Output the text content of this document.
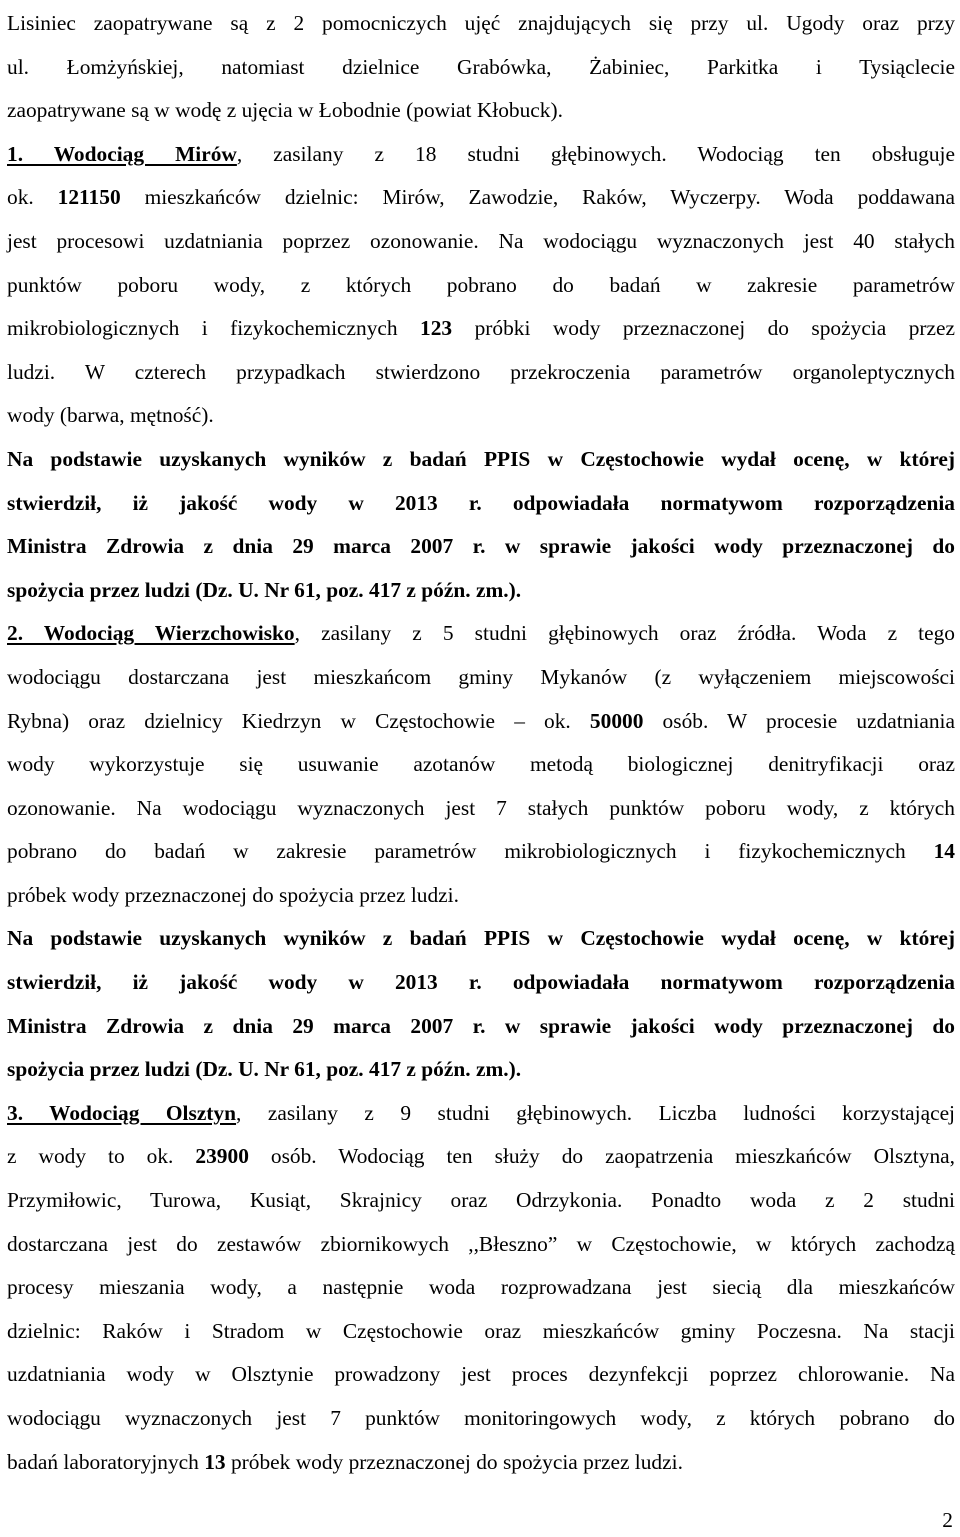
Lisiniec zaopatrywane są z 2 pomocniczych ujęć znajdujących się przy ul. Ugody oraz przy
ul. Łomżyńskiej, natomiast dzielnice Grabówka, Żabiniec, Parkitka i Tysiąclecie
zaopatrywane są w wodę z ujęcia w Łobodnie (powiat Kłobuck).
1. Wodociąg Mirów, zasilany z 18 studni głębinowych. Wodociąg ten obsługuje
ok. 121150 mieszkańców dzielnic: Mirów, Zawodzie, Raków, Wyczerpy. Woda poddawana
jest procesowi uzdatniania poprzez ozonowanie. Na wodociągu wyznaczonych jest 40 stałych
punktów poboru wody, z których pobrano do badań w zakresie parametrów
mikrobiologicznych i fizykochemicznych 123 próbki wody przeznaczonej do spożycia przez
ludzi. W czterech przypadkach stwierdzono przekroczenia parametrów organoleptycznych
wody (barwa, mętność).
Na podstawie uzyskanych wyników z badań PPIS w Częstochowie wydał ocenę, w której
stwierdził, iż jakość wody w 2013 r. odpowiadała normatywom rozporządzenia
Ministra Zdrowia z dnia 29 marca 2007 r. w sprawie jakości wody przeznaczonej do
spożycia przez ludzi (Dz. U. Nr 61, poz. 417 z późn. zm.).
2. Wodociąg Wierzchowisko, zasilany z 5 studni głębinowych oraz źródła. Woda z tego
wodociągu dostarczana jest mieszkańcom gminy Mykanów (z wyłączeniem miejscowości
Rybna) oraz dzielnicy Kiedrzyn w Częstochowie – ok. 50000 osób. W procesie uzdatniania
wody wykorzystuje się usuwanie azotanów metodą biologicznej denitryfikacji oraz
ozonowanie. Na wodociągu wyznaczonych jest 7 stałych punktów poboru wody, z których
pobrano do badań w zakresie parametrów mikrobiologicznych i fizykochemicznych 14
próbek wody przeznaczonej do spożycia przez ludzi.
Na podstawie uzyskanych wyników z badań PPIS w Częstochowie wydał ocenę, w której
stwierdził, iż jakość wody w 2013 r. odpowiadała normatywom rozporządzenia
Ministra Zdrowia z dnia 29 marca 2007 r. w sprawie jakości wody przeznaczonej do
spożycia przez ludzi (Dz. U. Nr 61, poz. 417 z późn. zm.).
3. Wodociąg Olsztyn, zasilany z 9 studni głębinowych. Liczba ludności korzystającej
z wody to ok. 23900 osób. Wodociąg ten służy do zaopatrzenia mieszkańców Olsztyna,
Przymiłowic, Turowa, Kusiąt, Skrajnicy oraz Odrzykonia. Ponadto woda z 2 studni
dostarczana jest do zestawów zbiornikowych ,,Błeszno” w Częstochowie, w których zachodzą
procesy mieszania wody, a następnie woda rozprowadzana jest siecią dla mieszkańców
dzielnic: Raków i Stradom w Częstochowie oraz mieszkańców gminy Poczesna. Na stacji
uzdatniania wody w Olsztynie prowadzony jest proces dezynfekcji poprzez chlorowanie. Na
wodociągu wyznaczonych jest 7 punktów monitoringowych wody, z których pobrano do
badań laboratoryjnych 13 próbek wody przeznaczonej do spożycia przez ludzi.
2
